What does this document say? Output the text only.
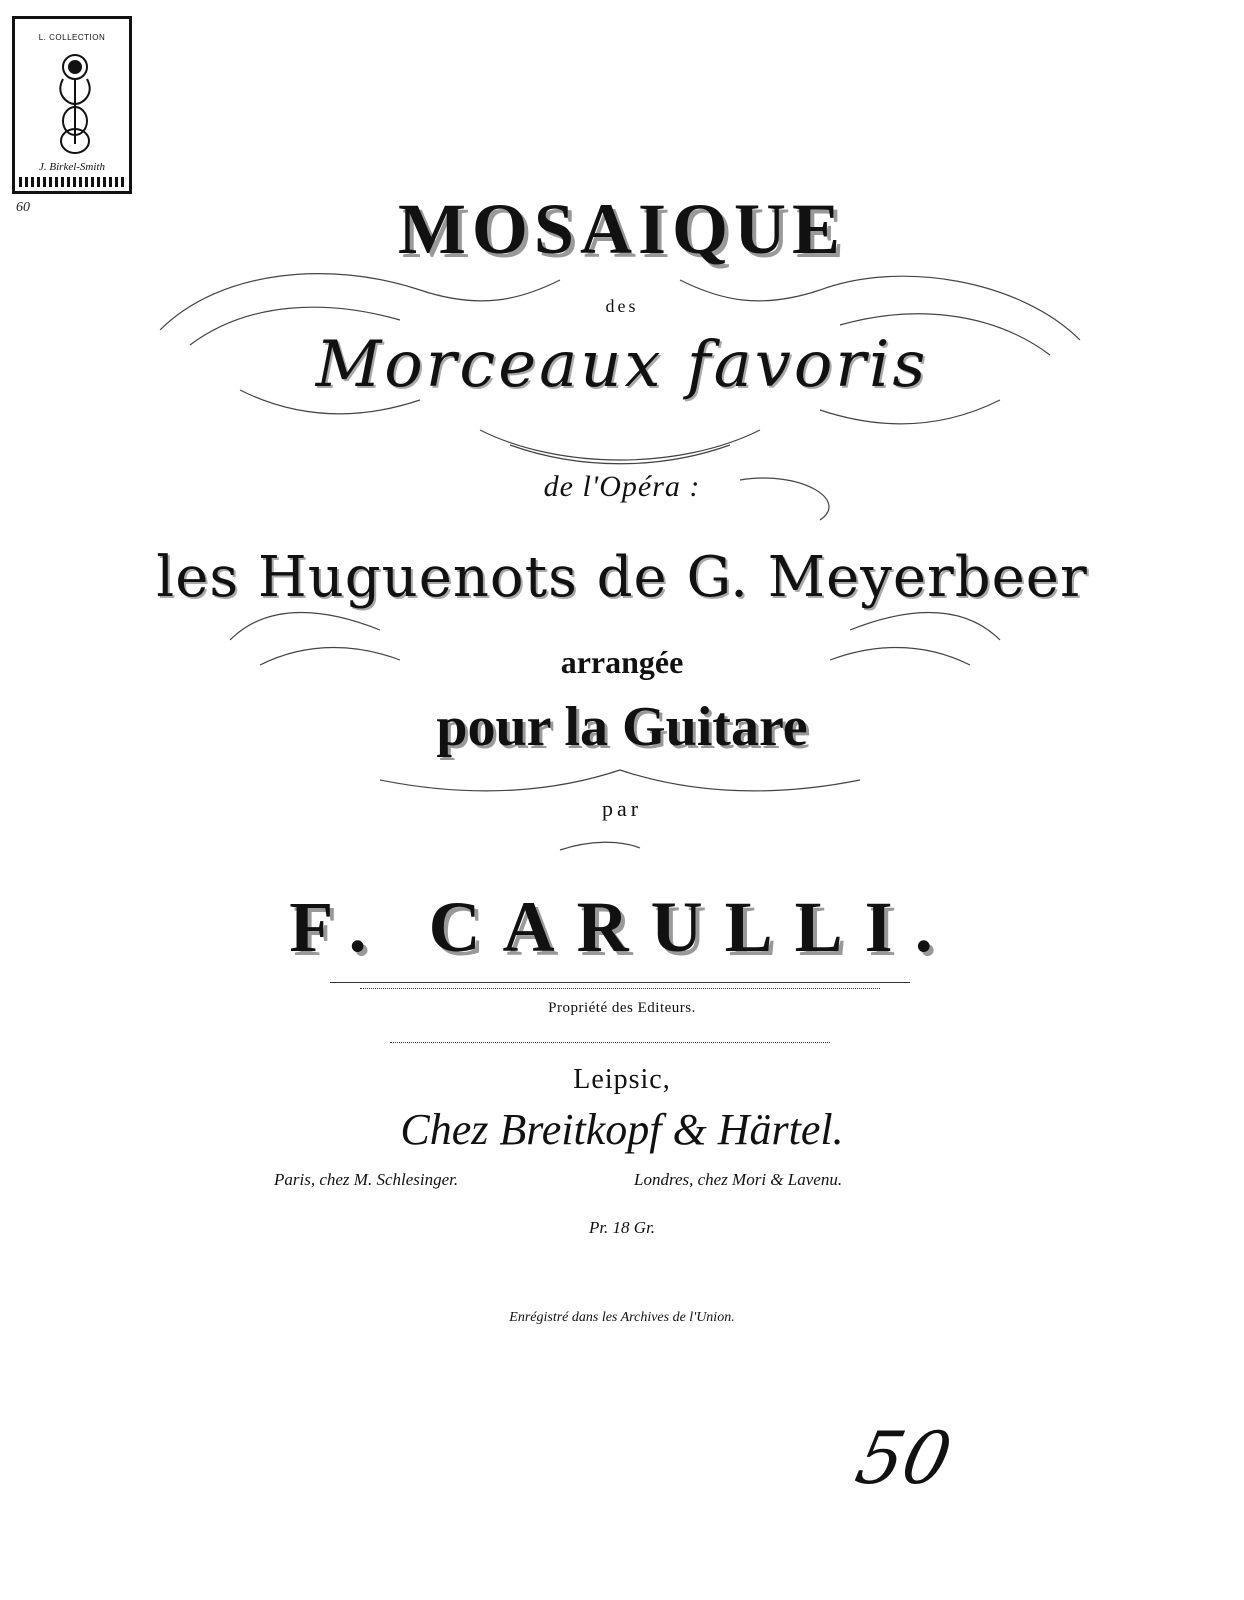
L. COLLECTION
J. Birkel-Smith
60	MOSAIQUE
des
Morceaux favoris
de l'Opéra :
les Huguenots de G. Meyerbeer
arrangée
pour la Guitare
par
F. CARULLI.
Propriété des Editeurs.
Leipsic,
Chez Breitkopf & Härtel.
Paris, chez M. Schlesinger.	Londres, chez Mori & Lavenu.
Pr. 18 Gr.
Enrégistré dans les Archives de l'Union.
50
